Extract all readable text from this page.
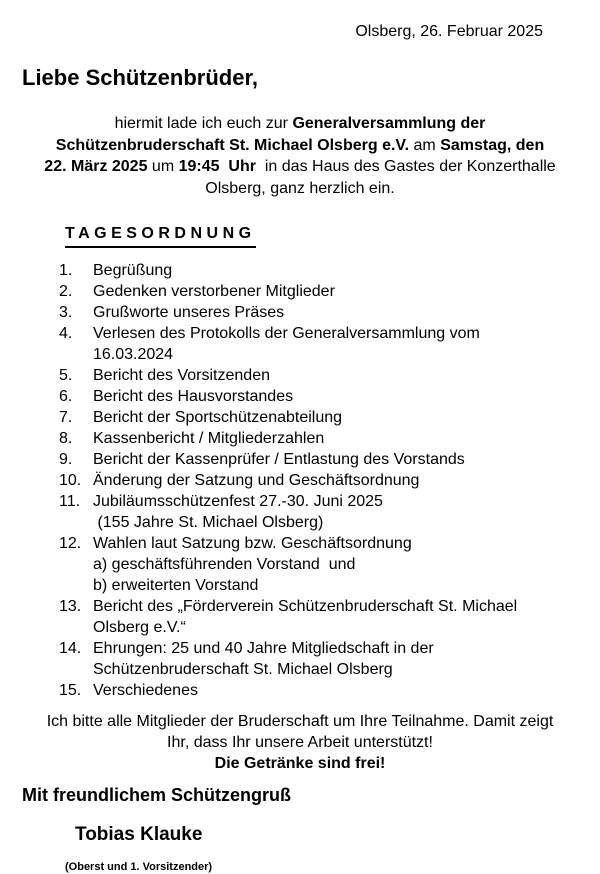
Olsberg, 26. Februar 2025
Liebe Schützenbrüder,

hiermit lade ich euch zur Generalversammlung der
Schützenbruderschaft St. Michael Olsberg e.V. am Samstag, den
22. März 2025 um 19:45  Uhr  in das Haus des Gastes der Konzerthalle
Olsberg, ganz herzlich ein.

TAGESORDNUNG
1.	Begrüßung
2.	Gedenken verstorbener Mitglieder
3.	Grußworte unseres Präses
4.	Verlesen des Protokolls der Generalversammlung vom
16.03.2024
5.	Bericht des Vorsitzenden
6.	Bericht des Hausvorstandes
7.	Bericht der Sportschützenabteilung
8.	Kassenbericht / Mitgliederzahlen
9.	Bericht der Kassenprüfer / Entlastung des Vorstands
10. Änderung der Satzung und Geschäftsordnung
11. Jubiläumsschützenfest 27.-30. Juni 2025
(155 Jahre St. Michael Olsberg)
12. Wahlen laut Satzung bzw. Geschäftsordnung
a) geschäftsführenden Vorstand  und
b) erweiterten Vorstand
13. Bericht des „Förderverein Schützenbruderschaft St. Michael
Olsberg e.V.“
14. Ehrungen: 25 und 40 Jahre Mitgliedschaft in der
Schützenbruderschaft St. Michael Olsberg
15. Verschiedenes

Ich bitte alle Mitglieder der Bruderschaft um Ihre Teilnahme. Damit zeigt
Ihr, dass Ihr unsere Arbeit unterstützt!
Die Getränke sind frei!

Mit freundlichem Schützengruß
Tobias Klauke
(Oberst und 1. Vorsitzender)
